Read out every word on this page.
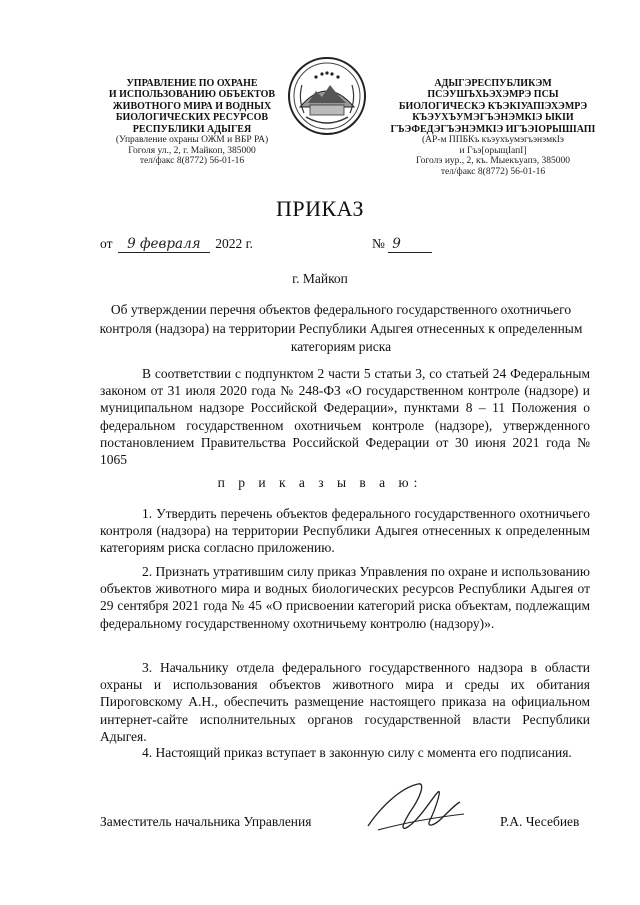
УПРАВЛЕНИЕ ПО ОХРАНЕ
И ИСПОЛЬЗОВАНИЮ ОБЪЕКТОВ
ЖИВОТНОГО МИРА И ВОДНЫХ
БИОЛОГИЧЕСКИХ РЕСУРСОВ
РЕСПУБЛИКИ АДЫГЕЯ
(Управление охраны ОЖМ и ВБР РА)
Гоголя ул., 2, г. Майкоп, 385000
тел/факс 8(8772) 56-01-16
АДЫГЭРЕСПУБЛИКЭМ
ПСЭУШЪХЬЭХЭМРЭ ПСЫ
БИОЛОГИЧЕСКЭ КЪЭКIУАПIЭХЭМРЭ
КЪЭУХЪУМЭГЪЭНЭМКIЭ ЫКIИ
ГЪЭФЕДЭГЪЭНЭМКIЭ ИГЪЭIОРЫШIАПI
(АР-м ППБКъ къэухъумэгъэнэмкIэ
и Гъэ[орыщIапI]
Гоголэ иур., 2, къ. Мыекъуапэ, 385000
тел/факс 8(8772) 56-01-16
ПРИКАЗ
от 9 февраля 2022 г.	№ 9
г. Майкоп
Об утверждении перечня объектов федерального государственного охотничьего контроля (надзора) на территории Республики Адыгея отнесенных к определенным категориям риска
В соответствии с подпунктом 2 части 5 статьи 3, со статьей 24 Федеральным законом от 31 июля 2020 года № 248-ФЗ «О государственном контроле (надзоре) и муниципальном надзоре Российской Федерации», пунктами 8 – 11 Положения о федеральном государственном охотничьем контроле (надзоре), утвержденного постановлением Правительства Российской Федерации от 30 июня 2021 года № 1065
п р и к а з ы в а ю:
1. Утвердить перечень объектов федерального государственного охотничьего контроля (надзора) на территории Республики Адыгея отнесенных к определенным категориям риска согласно приложению.
2. Признать утратившим силу приказ Управления по охране и использованию объектов животного мира и водных биологических ресурсов Республики Адыгея от 29 сентября 2021 года № 45 «О присвоении категорий риска объектам, подлежащим федеральному государственному охотничьему контролю (надзору)».
3. Начальнику отдела федерального государственного надзора в области охраны и использования объектов животного мира и среды их обитания Пироговскому А.Н., обеспечить размещение настоящего приказа на официальном интернет-сайте исполнительных органов государственной власти Республики Адыгея.
4. Настоящий приказ вступает в законную силу с момента его подписания.
Заместитель начальника Управления	Р.А. Чесебиев
